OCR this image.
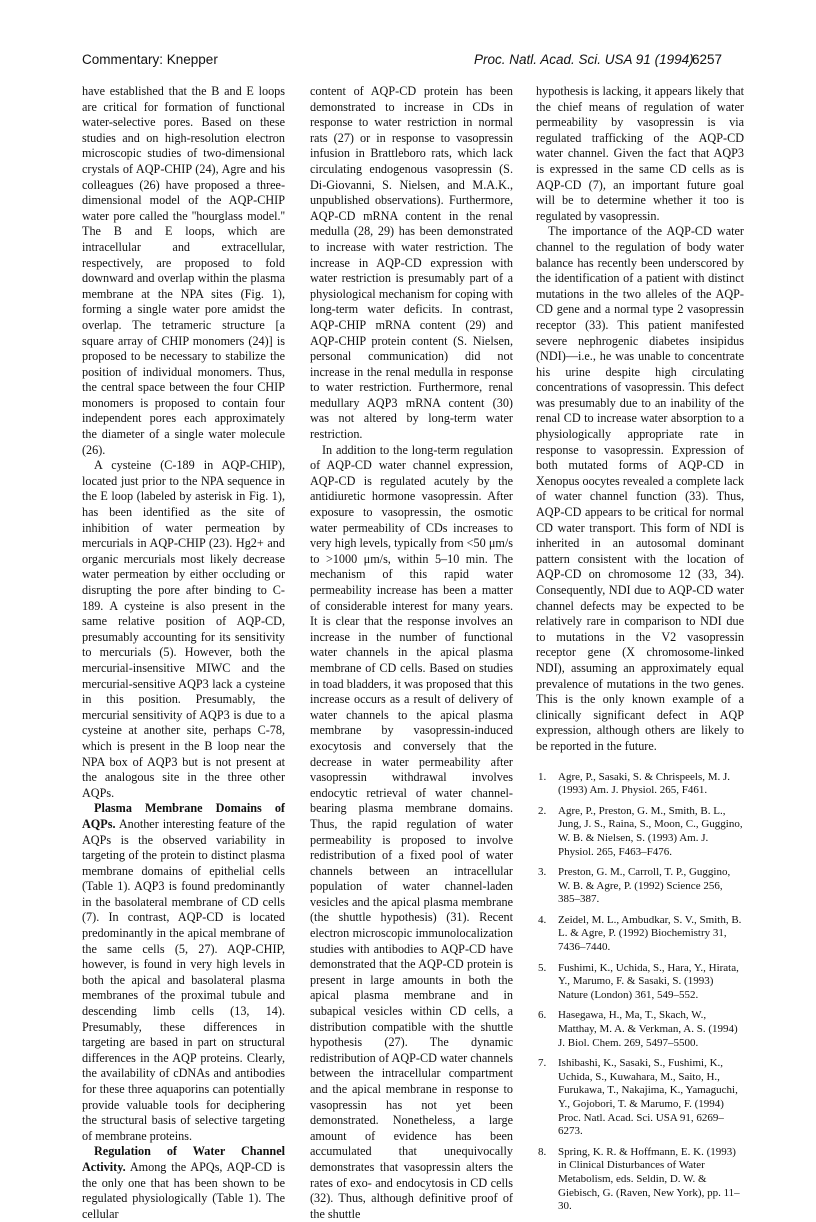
Commentary: Knepper	Proc. Natl. Acad. Sci. USA 91 (1994)
6257

have established that the B and E loops are critical for formation of functional water-selective pores. Based on these studies and on high-resolution electron microscopic studies of two-dimensional crystals of AQP-CHIP (24), Agre and his colleagues (26) have proposed a three-dimensional model of the AQP-CHIP water pore called the ''hourglass model.'' The B and E loops, which are intracellular and extracellular, respectively, are proposed to fold downward and overlap within the plasma membrane at the NPA sites (Fig. 1), forming a single water pore amidst the overlap. The tetrameric structure [a square array of CHIP monomers (24)] is proposed to be necessary to stabilize the position of individual monomers. Thus, the central space between the four CHIP monomers is proposed to contain four independent pores each approximately the diameter of a single water molecule (26).

A cysteine (C-189 in AQP-CHIP), located just prior to the NPA sequence in the E loop (labeled by asterisk in Fig. 1), has been identified as the site of inhibition of water permeation by mercurials in AQP-CHIP (23). Hg2+ and organic mercurials most likely decrease water permeation by either occluding or disrupting the pore after binding to C-189. A cysteine is also present in the same relative position of AQP-CD, presumably accounting for its sensitivity to mercurials (5). However, both the mercurial-insensitive MIWC and the mercurial-sensitive AQP3 lack a cysteine in this position. Presumably, the mercurial sensitivity of AQP3 is due to a cysteine at another site, perhaps C-78, which is present in the B loop near the NPA box of AQP3 but is not present at the analogous site in the three other AQPs.

Plasma Membrane Domains of AQPs. Another interesting feature of the AQPs is the observed variability in targeting of the protein to distinct plasma membrane domains of epithelial cells (Table 1). AQP3 is found predominantly in the basolateral membrane of CD cells (7). In contrast, AQP-CD is located predominantly in the apical membrane of the same cells (5, 27). AQP-CHIP, however, is found in very high levels in both the apical and basolateral plasma membranes of the proximal tubule and descending limb cells (13, 14). Presumably, these differences in targeting are based in part on structural differences in the AQP proteins. Clearly, the availability of cDNAs and antibodies for these three aquaporins can potentially provide valuable tools for deciphering the structural basis of selective targeting of membrane proteins.

Regulation of Water Channel Activity. Among the APQs, AQP-CD is the only one that has been shown to be regulated physiologically (Table 1). The cellular

content of AQP-CD protein has been demonstrated to increase in CDs in response to water restriction in normal rats (27) or in response to vasopressin infusion in Brattleboro rats, which lack circulating endogenous vasopressin (S. Di-Giovanni, S. Nielsen, and M.A.K., unpublished observations). Furthermore, AQP-CD mRNA content in the renal medulla (28, 29) has been demonstrated to increase with water restriction. The increase in AQP-CD expression with water restriction is presumably part of a physiological mechanism for coping with long-term water deficits. In contrast, AQP-CHIP mRNA content (29) and AQP-CHIP protein content (S. Nielsen, personal communication) did not increase in the renal medulla in response to water restriction. Furthermore, renal medullary AQP3 mRNA content (30) was not altered by long-term water restriction.

In addition to the long-term regulation of AQP-CD water channel expression, AQP-CD is regulated acutely by the antidiuretic hormone vasopressin. After exposure to vasopressin, the osmotic water permeability of CDs increases to very high levels, typically from <50 μm/s to >1000 μm/s, within 5–10 min. The mechanism of this rapid water permeability increase has been a matter of considerable interest for many years. It is clear that the response involves an increase in the number of functional water channels in the apical plasma membrane of CD cells. Based on studies in toad bladders, it was proposed that this increase occurs as a result of delivery of water channels to the apical plasma membrane by vasopressin-induced exocytosis and conversely that the decrease in water permeability after vasopressin withdrawal involves endocytic retrieval of water channel-bearing plasma membrane domains. Thus, the rapid regulation of water permeability is proposed to involve redistribution of a fixed pool of water channels between an intracellular population of water channel-laden vesicles and the apical plasma membrane (the shuttle hypothesis) (31). Recent electron microscopic immunolocalization studies with antibodies to AQP-CD have demonstrated that the AQP-CD protein is present in large amounts in both the apical plasma membrane and in subapical vesicles within CD cells, a distribution compatible with the shuttle hypothesis (27). The dynamic redistribution of AQP-CD water channels between the intracellular compartment and the apical membrane in response to vasopressin has not yet been demonstrated. Nonetheless, a large amount of evidence has been accumulated that unequivocally demonstrates that vasopressin alters the rates of exo- and endocytosis in CD cells (32). Thus, although definitive proof of the shuttle

hypothesis is lacking, it appears likely that the chief means of regulation of water permeability by vasopressin is via regulated trafficking of the AQP-CD water channel. Given the fact that AQP3 is expressed in the same CD cells as is AQP-CD (7), an important future goal will be to determine whether it too is regulated by vasopressin.

The importance of the AQP-CD water channel to the regulation of body water balance has recently been underscored by the identification of a patient with distinct mutations in the two alleles of the AQP-CD gene and a normal type 2 vasopressin receptor (33). This patient manifested severe nephrogenic diabetes insipidus (NDI)—i.e., he was unable to concentrate his urine despite high circulating concentrations of vasopressin. This defect was presumably due to an inability of the renal CD to increase water absorption to a physiologically appropriate rate in response to vasopressin. Expression of both mutated forms of AQP-CD in Xenopus oocytes revealed a complete lack of water channel function (33). Thus, AQP-CD appears to be critical for normal CD water transport. This form of NDI is inherited in an autosomal dominant pattern consistent with the location of AQP-CD on chromosome 12 (33, 34). Consequently, NDI due to AQP-CD water channel defects may be expected to be relatively rare in comparison to NDI due to mutations in the V2 vasopressin receptor gene (X chromosome-linked NDI), assuming an approximately equal prevalence of mutations in the two genes. This is the only known example of a clinically significant defect in AQP expression, although others are likely to be reported in the future.

1. Agre, P., Sasaki, S. & Chrispeels, M. J. (1993) Am. J. Physiol. 265, F461.
2. Agre, P., Preston, G. M., Smith, B. L., Jung, J. S., Raina, S., Moon, C., Guggino, W. B. & Nielsen, S. (1993) Am. J. Physiol. 265, F463–F476.
3. Preston, G. M., Carroll, T. P., Guggino, W. B. & Agre, P. (1992) Science 256, 385–387.
4. Zeidel, M. L., Ambudkar, S. V., Smith, B. L. & Agre, P. (1992) Biochemistry 31, 7436–7440.
5. Fushimi, K., Uchida, S., Hara, Y., Hirata, Y., Marumo, F. & Sasaki, S. (1993) Nature (London) 361, 549–552.
6. Hasegawa, H., Ma, T., Skach, W., Matthay, M. A. & Verkman, A. S. (1994) J. Biol. Chem. 269, 5497–5500.
7. Ishibashi, K., Sasaki, S., Fushimi, K., Uchida, S., Kuwahara, M., Saito, H., Furukawa, T., Nakajima, K., Yamaguchi, Y., Gojobori, T. & Marumo, F. (1994) Proc. Natl. Acad. Sci. USA 91, 6269–6273.
8. Spring, K. R. & Hoffmann, E. K. (1993) in Clinical Disturbances of Water Metabolism, eds. Seldin, D. W. & Giebisch, G. (Raven, New York), pp. 11–30.
